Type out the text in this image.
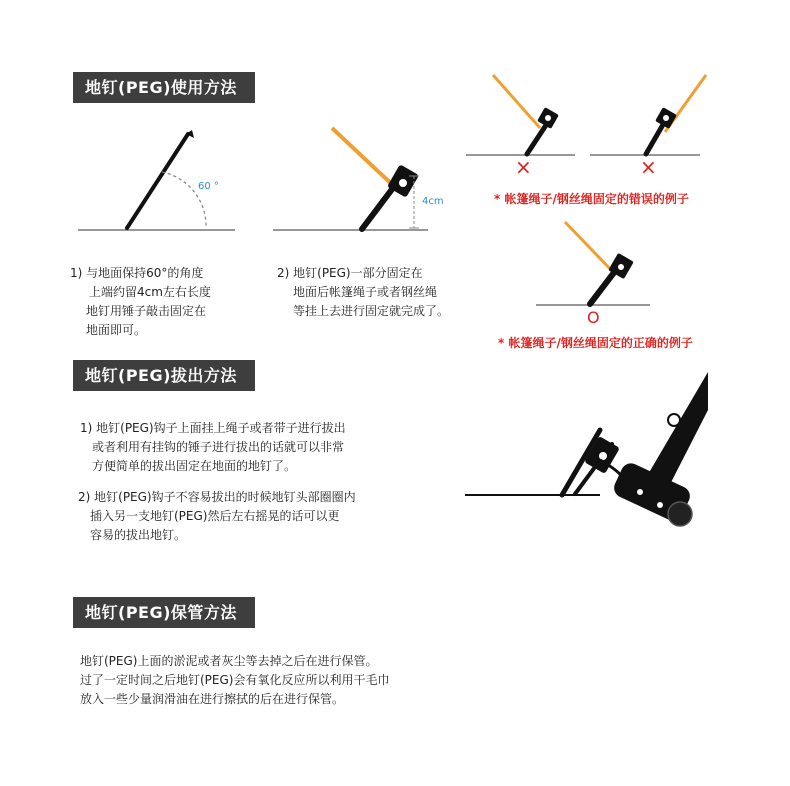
地钉(PEG)使用方法
地钉(PEG)拔出方法
地钉(PEG)保管方法
60 °
4cm
×	×
O
* 帐篷绳子/钢丝绳固定的错误的例子
* 帐篷绳子/钢丝绳固定的正确的例子
1) 与地面保持60°的角度
上端约留4cm左右长度
地钉用锤子敲击固定在
地面即可。
2) 地钉(PEG)一部分固定在
地面后帐篷绳子或者钢丝绳
等挂上去进行固定就完成了。
1) 地钉(PEG)钩子上面挂上绳子或者带子进行拔出
或者利用有挂钩的锤子进行拔出的话就可以非常
方便简单的拔出固定在地面的地钉了。
2) 地钉(PEG)钩子不容易拔出的时候地钉头部圈圈内
插入另一支地钉(PEG)然后左右摇晃的话可以更
容易的拔出地钉。
地钉(PEG)上面的淤泥或者灰尘等去掉之后在进行保管。
过了一定时间之后地钉(PEG)会有氧化反应所以利用干毛巾
放入一些少量润滑油在进行擦拭的后在进行保管。
